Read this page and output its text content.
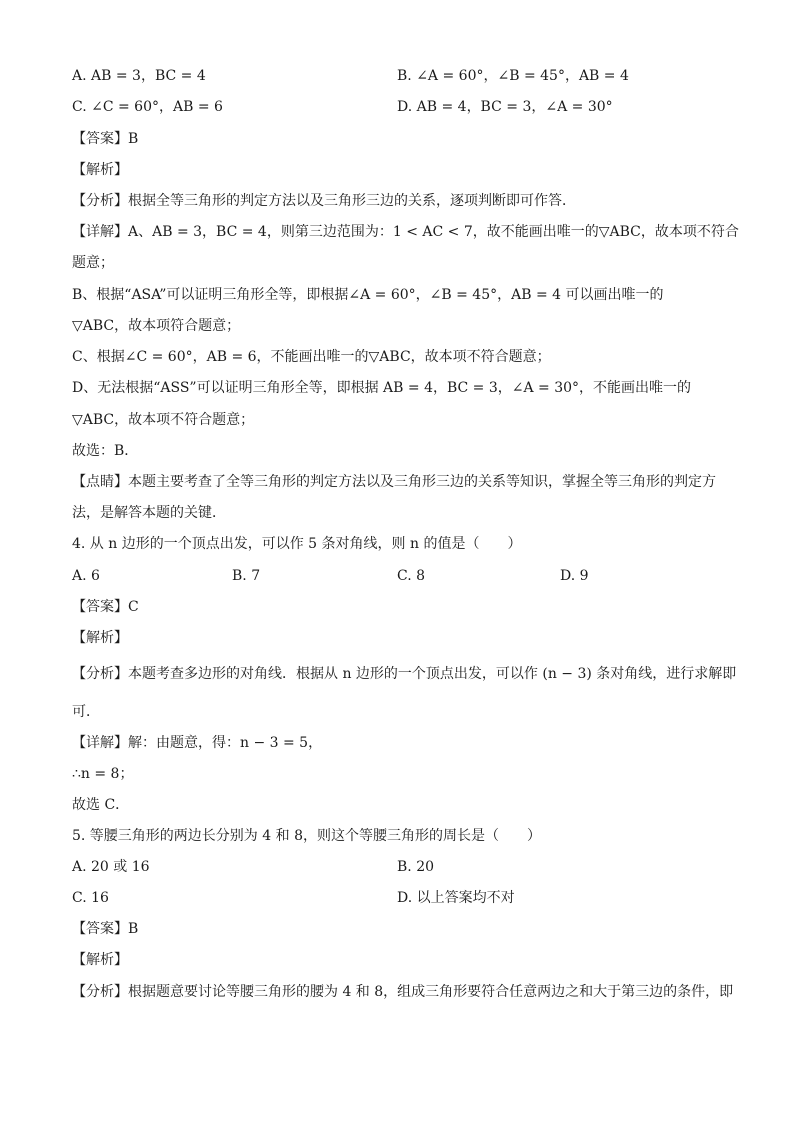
A. AB = 3，BC = 4	B. ∠A = 60°，∠B = 45°，AB = 4
C. ∠C = 60°，AB = 6	D. AB = 4，BC = 3，∠A = 30°
【答案】B
【解析】
【分析】根据全等三角形的判定方法以及三角形三边的关系，逐项判断即可作答．
【详解】A、AB = 3，BC = 4，则第三边范围为：1 < AC < 7，故不能画出唯一的▽ABC，故本项不符合
题意；
B、根据“ASA”可以证明三角形全等，即根据∠A = 60°，∠B = 45°，AB = 4 可以画出唯一的
▽ABC，故本项符合题意；
C、根据∠C = 60°，AB = 6，不能画出唯一的▽ABC，故本项不符合题意；
D、无法根据“ASS”可以证明三角形全等，即根据 AB = 4，BC = 3，∠A = 30°，不能画出唯一的
▽ABC，故本项不符合题意；
故选：B．
【点睛】本题主要考查了全等三角形的判定方法以及三角形三边的关系等知识，掌握全等三角形的判定方
法，是解答本题的关键．
4. 从 n 边形的一个顶点出发，可以作 5 条对角线，则 n 的值是（　　）
A. 6	B. 7	C. 8	D. 9
【答案】C
【解析】
【分析】本题考查多边形的对角线．根据从 n 边形的一个顶点出发，可以作 (n − 3) 条对角线，进行求解即
可．
【详解】解：由题意，得：n − 3 = 5，
∴n = 8；
故选 C．
5. 等腰三角形的两边长分别为 4 和 8，则这个等腰三角形的周长是（　　）
A. 20 或 16	B. 20
C. 16	D. 以上答案均不对
【答案】B
【解析】
【分析】根据题意要讨论等腰三角形的腰为 4 和 8，组成三角形要符合任意两边之和大于第三边的条件，即
